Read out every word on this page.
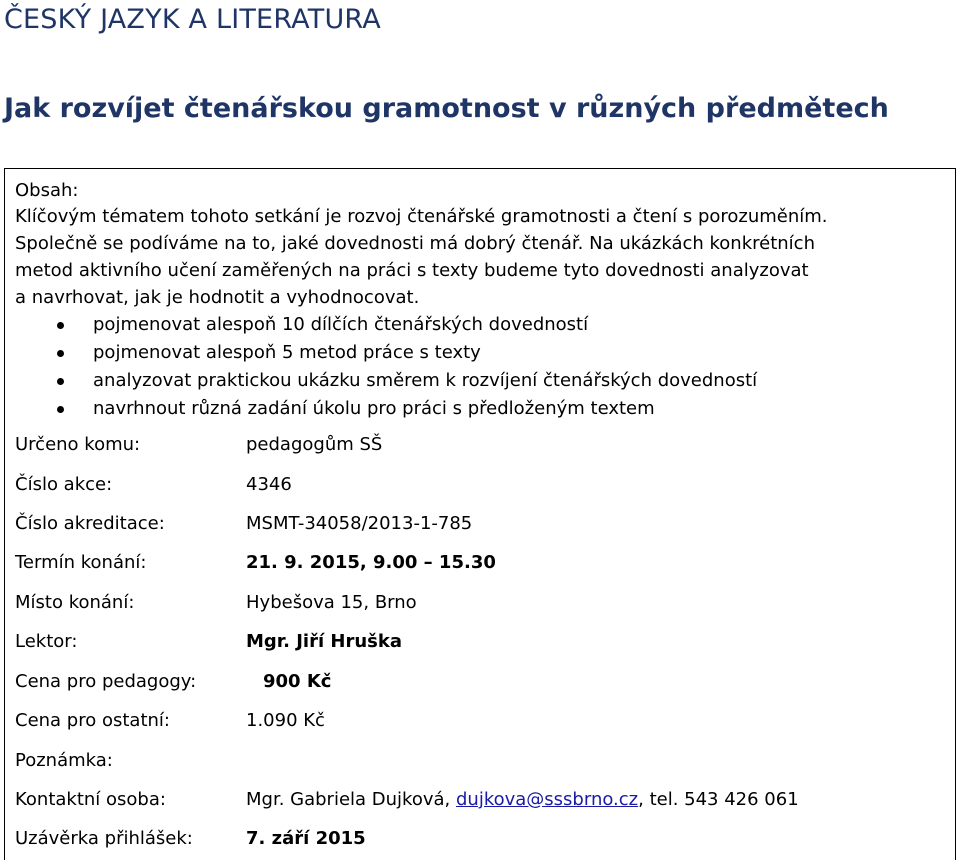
ČESKÝ JAZYK A LITERATURA
Jak rozvíjet čtenářskou gramotnost v různých předmětech
Obsah:
Klíčovým tématem tohoto setkání je rozvoj čtenářské gramotnosti a čtení s porozuměním.
Společně se podíváme na to, jaké dovednosti má dobrý čtenář. Na ukázkách konkrétních
metod aktivního učení zaměřených na práci s texty budeme tyto dovednosti analyzovat
a navrhovat, jak je hodnotit a vyhodnocovat.
pojmenovat alespoň 10 dílčích čtenářských dovedností
pojmenovat alespoň 5 metod práce s texty
analyzovat praktickou ukázku směrem k rozvíjení čtenářských dovedností
navrhnout různá zadání úkolu pro práci s předloženým textem
Určeno komu:	pedagogům SŠ
Číslo akce:	4346
Číslo akreditace:	MSMT-34058/2013-1-785
Termín konání:	21. 9. 2015, 9.00 – 15.30
Místo konání:	Hybešova 15, Brno
Lektor:	Mgr. Jiří Hruška
Cena pro pedagogy:	900 Kč
Cena pro ostatní:	1.090 Kč
Poznámka:
Kontaktní osoba:	Mgr. Gabriela Dujková, dujkova@sssbrno.cz, tel. 543 426 061
Uzávěrka přihlášek:	7. září 2015
